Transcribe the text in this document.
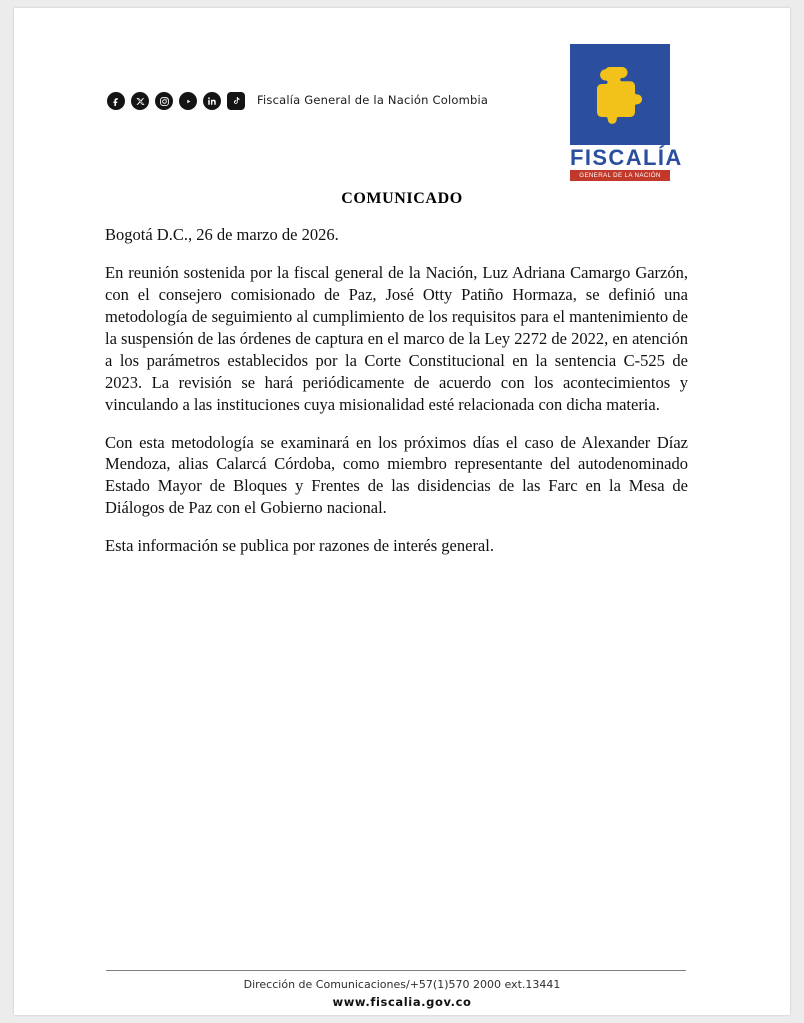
Fiscalía General de la Nación Colombia
FISCALÍA
GENERAL DE LA NACIÓN
COMUNICADO

Bogotá D.C., 26 de marzo de 2026.

En reunión sostenida por la fiscal general de la Nación, Luz Adriana Camargo Garzón, con el consejero comisionado de Paz, José Otty Patiño Hormaza, se definió una metodología de seguimiento al cumplimiento de los requisitos para el mantenimiento de la suspensión de las órdenes de captura en el marco de la Ley 2272 de 2022, en atención a los parámetros establecidos por la Corte Constitucional en la sentencia C-525 de 2023. La revisión se hará periódicamente de acuerdo con los acontecimientos y vinculando a las instituciones cuya misionalidad esté relacionada con dicha materia.

Con esta metodología se examinará en los próximos días el caso de Alexander Díaz Mendoza, alias Calarcá Córdoba, como miembro representante del autodenominado Estado Mayor de Bloques y Frentes de las disidencias de las Farc en la Mesa de Diálogos de Paz con el Gobierno nacional.

Esta información se publica por razones de interés general.

Dirección de Comunicaciones/+57(1)570 2000 ext.13441
www.fiscalia.gov.co
